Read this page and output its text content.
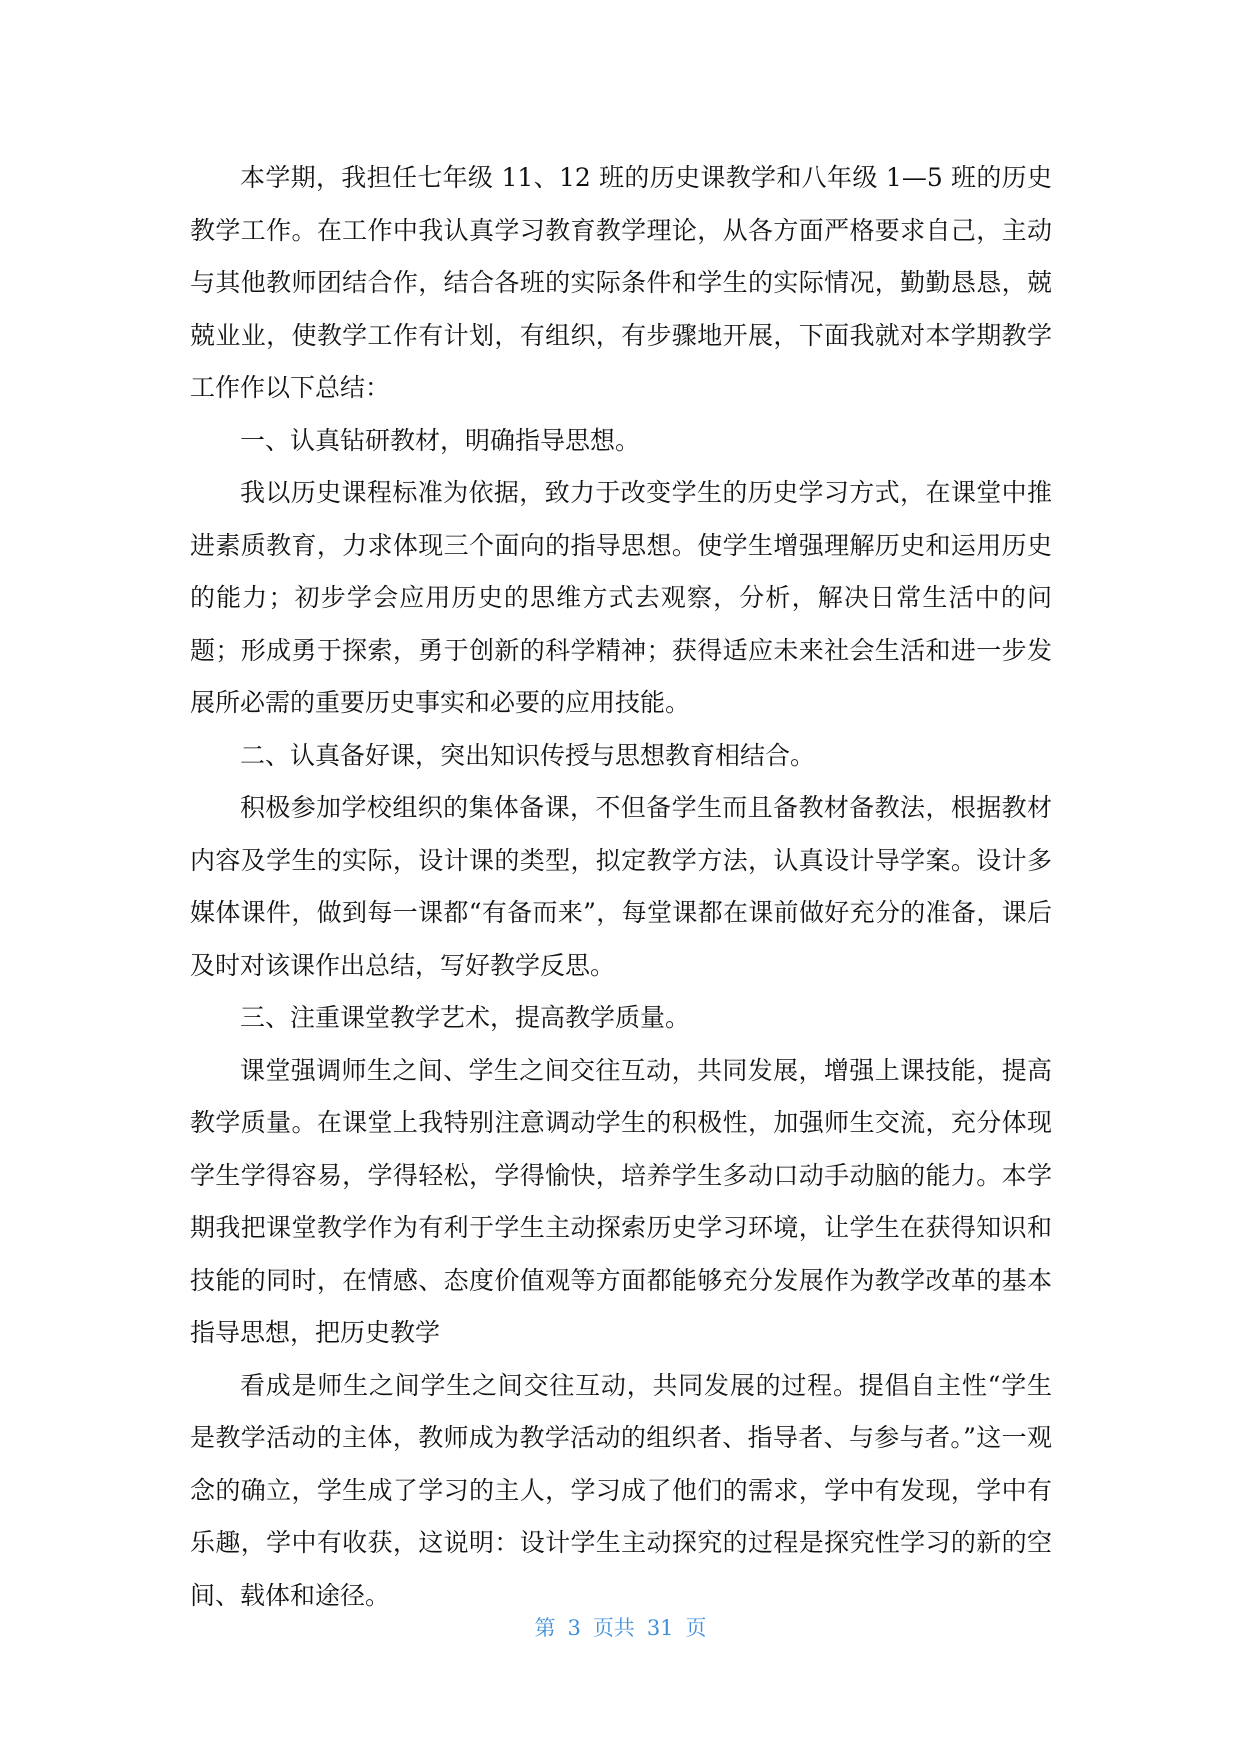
本学期，我担任七年级 11、12 班的历史课教学和八年级 1—5 班的历史教学工作。在工作中我认真学习教育教学理论，从各方面严格要求自己，主动与其他教师团结合作，结合各班的实际条件和学生的实际情况，勤勤恳恳，兢兢业业，使教学工作有计划，有组织，有步骤地开展，下面我就对本学期教学工作作以下总结：

一、认真钻研教材，明确指导思想。

我以历史课程标准为依据，致力于改变学生的历史学习方式，在课堂中推进素质教育，力求体现三个面向的指导思想。使学生增强理解历史和运用历史的能力；初步学会应用历史的思维方式去观察，分析，解决日常生活中的问题；形成勇于探索，勇于创新的科学精神；获得适应未来社会生活和进一步发展所必需的重要历史事实和必要的应用技能。

二、认真备好课，突出知识传授与思想教育相结合。

积极参加学校组织的集体备课，不但备学生而且备教材备教法，根据教材内容及学生的实际，设计课的类型，拟定教学方法，认真设计导学案。设计多媒体课件，做到每一课都“有备而来”，每堂课都在课前做好充分的准备，课后及时对该课作出总结，写好教学反思。

三、注重课堂教学艺术，提高教学质量。

课堂强调师生之间、学生之间交往互动，共同发展，增强上课技能，提高教学质量。在课堂上我特别注意调动学生的积极性，加强师生交流，充分体现学生学得容易，学得轻松，学得愉快，培养学生多动口动手动脑的能力。本学期我把课堂教学作为有利于学生主动探索历史学习环境，让学生在获得知识和技能的同时，在情感、态度价值观等方面都能够充分发展作为教学改革的基本指导思想，把历史教学

看成是师生之间学生之间交往互动，共同发展的过程。提倡自主性“学生是教学活动的主体，教师成为教学活动的组织者、指导者、与参与者。”这一观念的确立，学生成了学习的主人，学习成了他们的需求，学中有发现，学中有乐趣，学中有收获，这说明：设计学生主动探究的过程是探究性学习的新的空间、载体和途径。

第 3 页共 31 页
